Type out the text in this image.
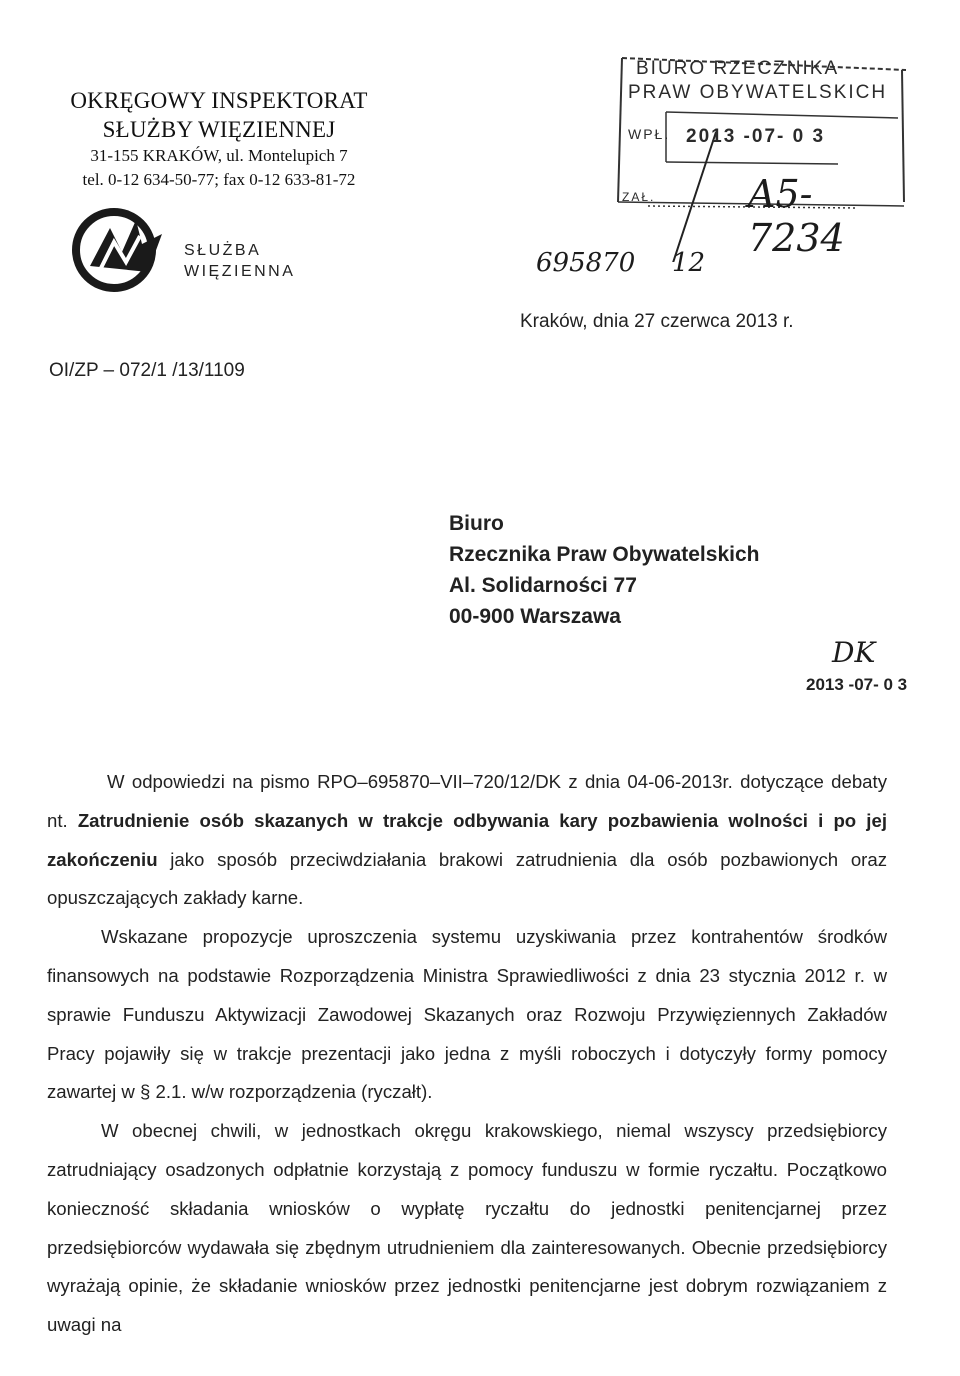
OKRĘGOWY INSPEKTORAT
SŁUŻBY WIĘZIENNEJ
31-155 KRAKÓW, ul. Montelupich 7
tel. 0-12 634-50-77; fax 0-12 633-81-72
SŁUŻBA
WIĘZIENNA
BIURO RZECZNIKA
PRAW OBYWATELSKICH
WPŁ. 2013 -07- 0 3
ZAŁ. A5-7234
695870 12
Kraków, dnia 27 czerwca 2013 r.
OI/ZP – 072/1 /13/1109
Biuro
Rzecznika Praw Obywatelskich
Al. Solidarności 77
00-900 Warszawa
DK
2013 -07- 0 3

W odpowiedzi na pismo RPO–695870–VII–720/12/DK z dnia 04-06-2013r. dotyczące debaty nt. Zatrudnienie osób skazanych w trakcje odbywania kary pozbawienia wolności i po jej zakończeniu jako sposób przeciwdziałania brakowi zatrudnienia dla osób pozbawionych oraz opuszczających zakłady karne.

Wskazane propozycje uproszczenia systemu uzyskiwania przez kontrahentów środków finansowych na podstawie Rozporządzenia Ministra Sprawiedliwości z dnia 23 stycznia 2012 r. w sprawie Funduszu Aktywizacji Zawodowej Skazanych oraz Rozwoju Przywięziennych Zakładów Pracy pojawiły się w trakcje prezentacji jako jedna z myśli roboczych i dotyczyły formy pomocy zawartej w § 2.1. w/w rozporządzenia (ryczałt).

W obecnej chwili, w jednostkach okręgu krakowskiego, niemal wszyscy przedsiębiorcy zatrudniający osadzonych odpłatnie korzystają z pomocy funduszu w formie ryczałtu. Początkowo konieczność składania wniosków o wypłatę ryczałtu do jednostki penitencjarnej przez przedsiębiorców wydawała się zbędnym utrudnieniem dla zainteresowanych. Obecnie przedsiębiorcy wyrażają opinie, że składanie wniosków przez jednostki penitencjarne jest dobrym rozwiązaniem z uwagi na
